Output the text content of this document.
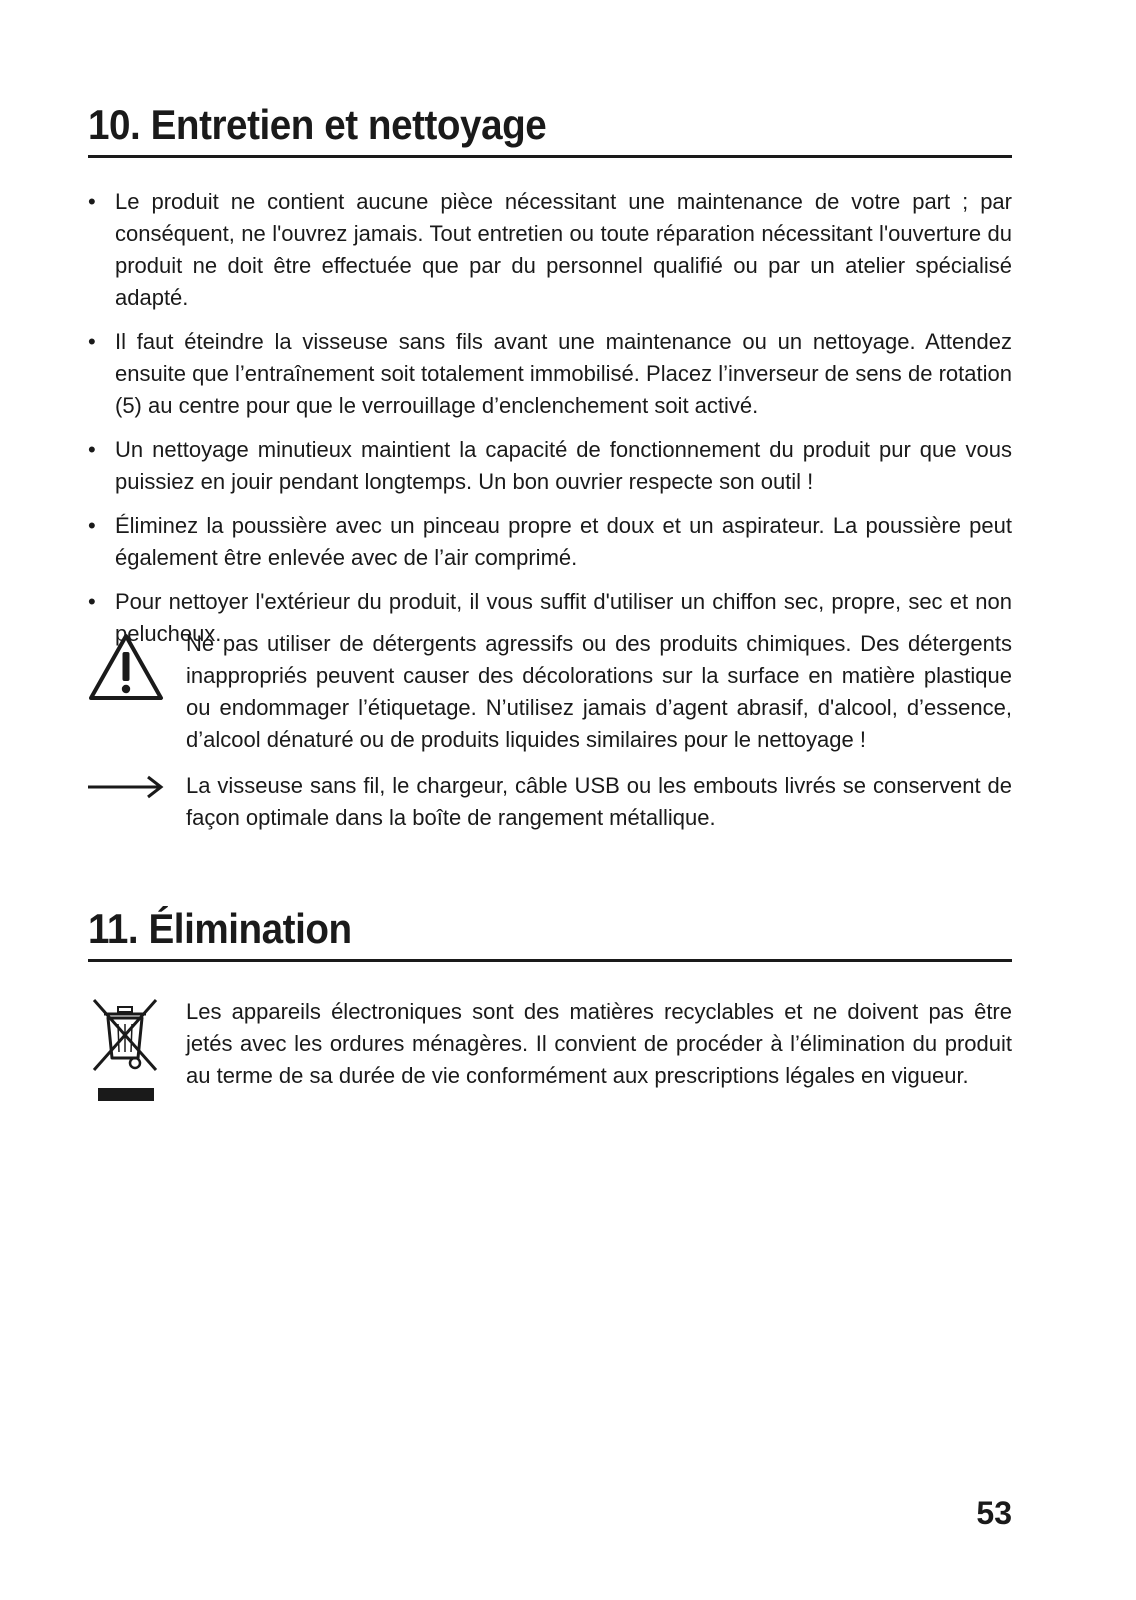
10. Entretien et nettoyage
• Le produit ne contient aucune pièce nécessitant une maintenance de votre part ; par conséquent, ne l'ouvrez jamais. Tout entretien ou toute réparation nécessitant l'ouverture du produit ne doit être effectuée que par du personnel qualifié ou par un atelier spécialisé adapté.
• Il faut éteindre la visseuse sans fils avant une maintenance ou un nettoyage. Attendez ensuite que l’entraînement soit totalement immobilisé. Placez l’inverseur de sens de rotation (5) au centre pour que le verrouillage d’enclenchement soit activé.
• Un nettoyage minutieux maintient la capacité de fonctionnement du produit pur que vous puissiez en jouir pendant longtemps. Un bon ouvrier respecte son outil !
• Éliminez la poussière avec un pinceau propre et doux et un aspirateur. La poussière peut également être enlevée avec de l’air comprimé.
• Pour nettoyer l'extérieur du produit, il vous suffit d'utiliser un chiffon sec, propre, sec et non pelucheux.

Ne pas utiliser de détergents agressifs ou des produits chimiques. Des détergents inappropriés peuvent causer des décolorations sur la surface en matière plastique ou endommager l’étiquetage. N’utilisez jamais d’agent abrasif, d'alcool, d’essence, d’alcool dénaturé ou de produits liquides similaires pour le nettoyage !

La visseuse sans fil, le chargeur, câble USB ou les embouts livrés se conservent de façon optimale dans la boîte de rangement métallique.

11. Élimination

Les appareils électroniques sont des matières recyclables et ne doivent pas être jetés avec les ordures ménagères. Il convient de procéder à l’élimination du produit au terme de sa durée de vie conformément aux prescriptions légales en vigueur.

53
